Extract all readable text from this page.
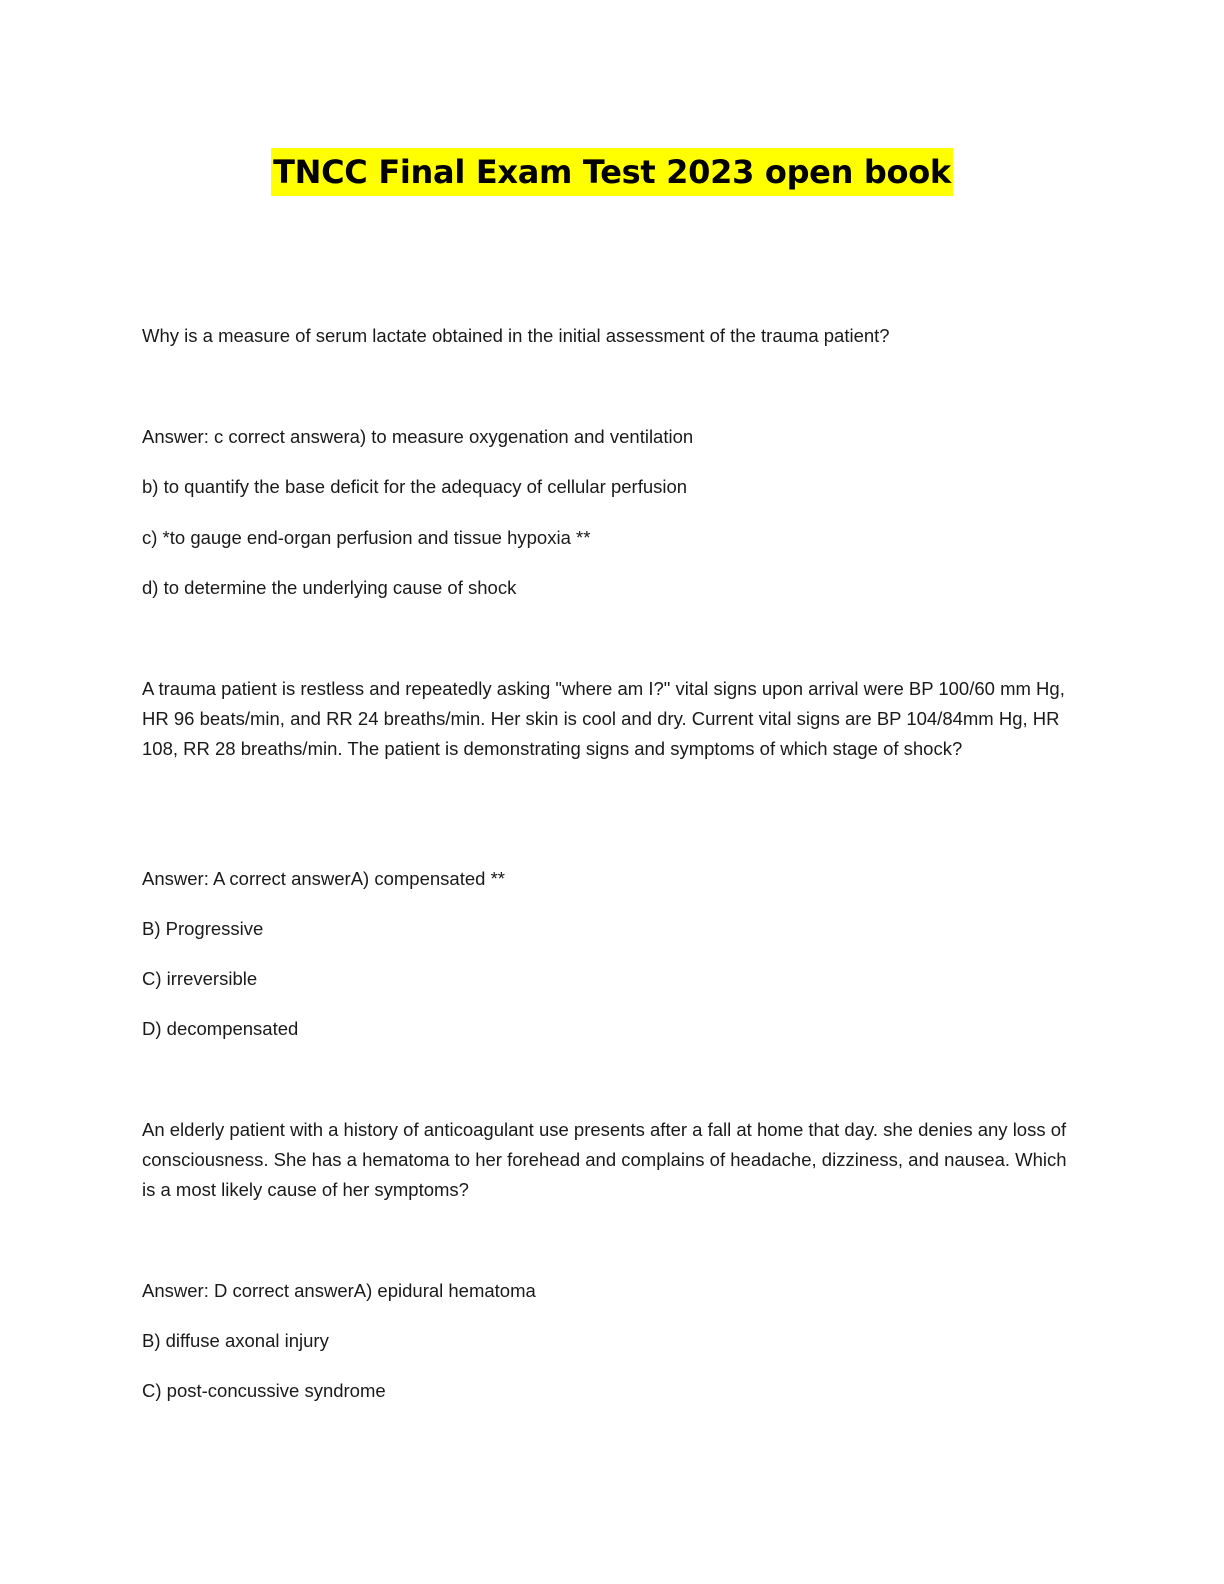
TNCC Final Exam Test 2023 open book
Why is a measure of serum lactate obtained in the initial assessment of the trauma patient?
Answer: c correct answera) to measure oxygenation and ventilation
b) to quantify the base deficit for the adequacy of cellular perfusion
c) *to gauge end-organ perfusion and tissue hypoxia **
d) to determine the underlying cause of shock
A trauma patient is restless and repeatedly asking "where am I?" vital signs upon arrival were BP 100/60 mm Hg, HR 96 beats/min, and RR 24 breaths/min. Her skin is cool and dry. Current vital signs are BP 104/84mm Hg, HR 108, RR 28 breaths/min. The patient is demonstrating signs and symptoms of which stage of shock?
Answer: A correct answerA) compensated **
B) Progressive
C) irreversible
D) decompensated
An elderly patient with a history of anticoagulant use presents after a fall at home that day. she denies any loss of consciousness. She has a hematoma to her forehead and complains of headache, dizziness, and nausea. Which is a most likely cause of her symptoms?
Answer: D correct answerA) epidural hematoma
B) diffuse axonal injury
C) post-concussive syndrome
